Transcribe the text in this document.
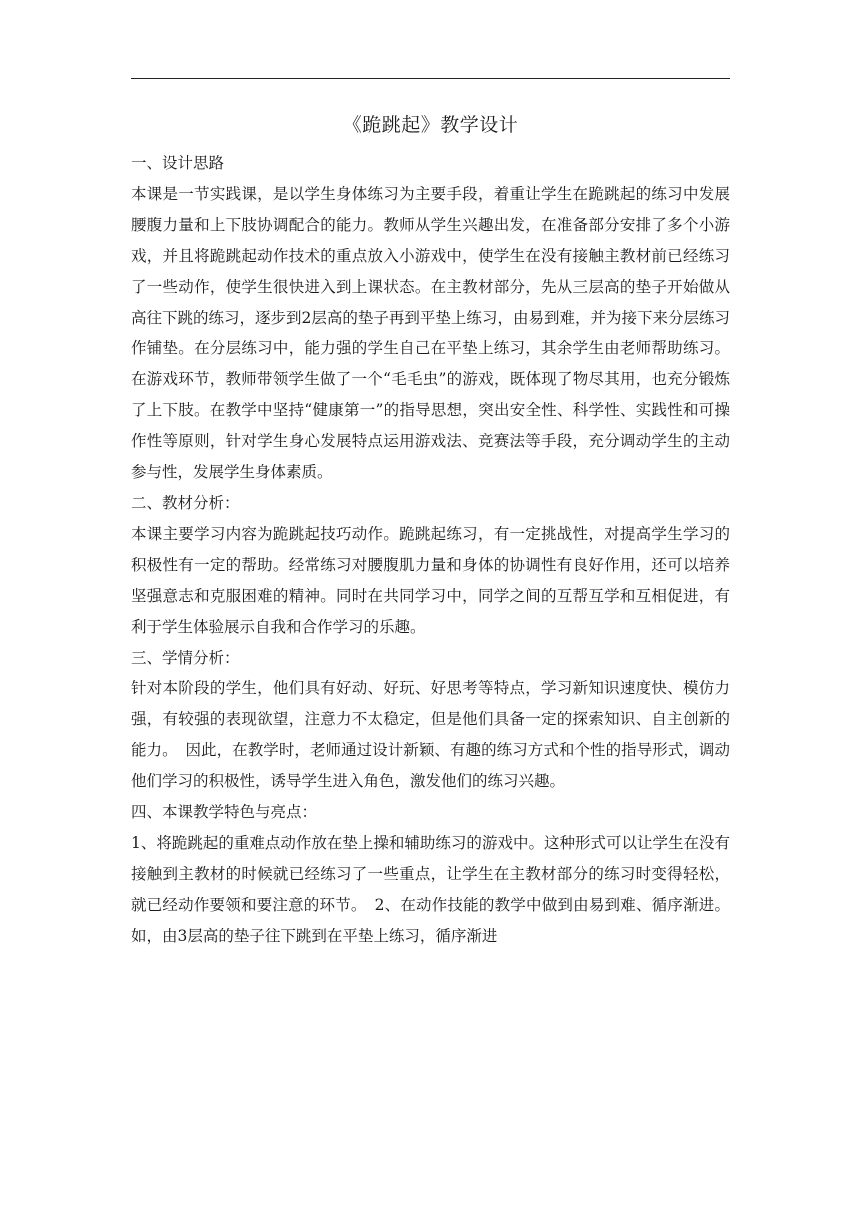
《跪跳起》教学设计
一、设计思路

本课是一节实践课，是以学生身体练习为主要手段，着重让学生在跪跳起的练习中发展腰腹力量和上下肢协调配合的能力。教师从学生兴趣出发，在准备部分安排了多个小游戏，并且将跪跳起动作技术的重点放入小游戏中，使学生在没有接触主教材前已经练习了一些动作，使学生很快进入到上课状态。在主教材部分，先从三层高的垫子开始做从高往下跳的练习，逐步到2层高的垫子再到平垫上练习，由易到难，并为接下来分层练习作铺垫。在分层练习中，能力强的学生自己在平垫上练习，其余学生由老师帮助练习。在游戏环节，教师带领学生做了一个“毛毛虫”的游戏，既体现了物尽其用，也充分锻炼了上下肢。在教学中坚持“健康第一”的指导思想，突出安全性、科学性、实践性和可操作性等原则，针对学生身心发展特点运用游戏法、竞赛法等手段，充分调动学生的主动参与性，发展学生身体素质。

二、教材分析：

本课主要学习内容为跪跳起技巧动作。跪跳起练习，有一定挑战性，对提高学生学习的积极性有一定的帮助。经常练习对腰腹肌力量和身体的协调性有良好作用，还可以培养坚强意志和克服困难的精神。同时在共同学习中，同学之间的互帮互学和互相促进，有利于学生体验展示自我和合作学习的乐趣。

三、学情分析：

针对本阶段的学生，他们具有好动、好玩、好思考等特点，学习新知识速度快、模仿力强，有较强的表现欲望，注意力不太稳定，但是他们具备一定的探索知识、自主创新的能力。　因此，在教学时，老师通过设计新颖、有趣的练习方式和个性的指导形式，调动他们学习的积极性，诱导学生进入角色，激发他们的练习兴趣。

四、本课教学特色与亮点：

1、将跪跳起的重难点动作放在垫上操和辅助练习的游戏中。这种形式可以让学生在没有接触到主教材的时候就已经练习了一些重点，让学生在主教材部分的练习时变得轻松，就已经动作要领和要注意的环节。　2、在动作技能的教学中做到由易到难、循序渐进。如，由3层高的垫子往下跳到在平垫上练习，循序渐进
